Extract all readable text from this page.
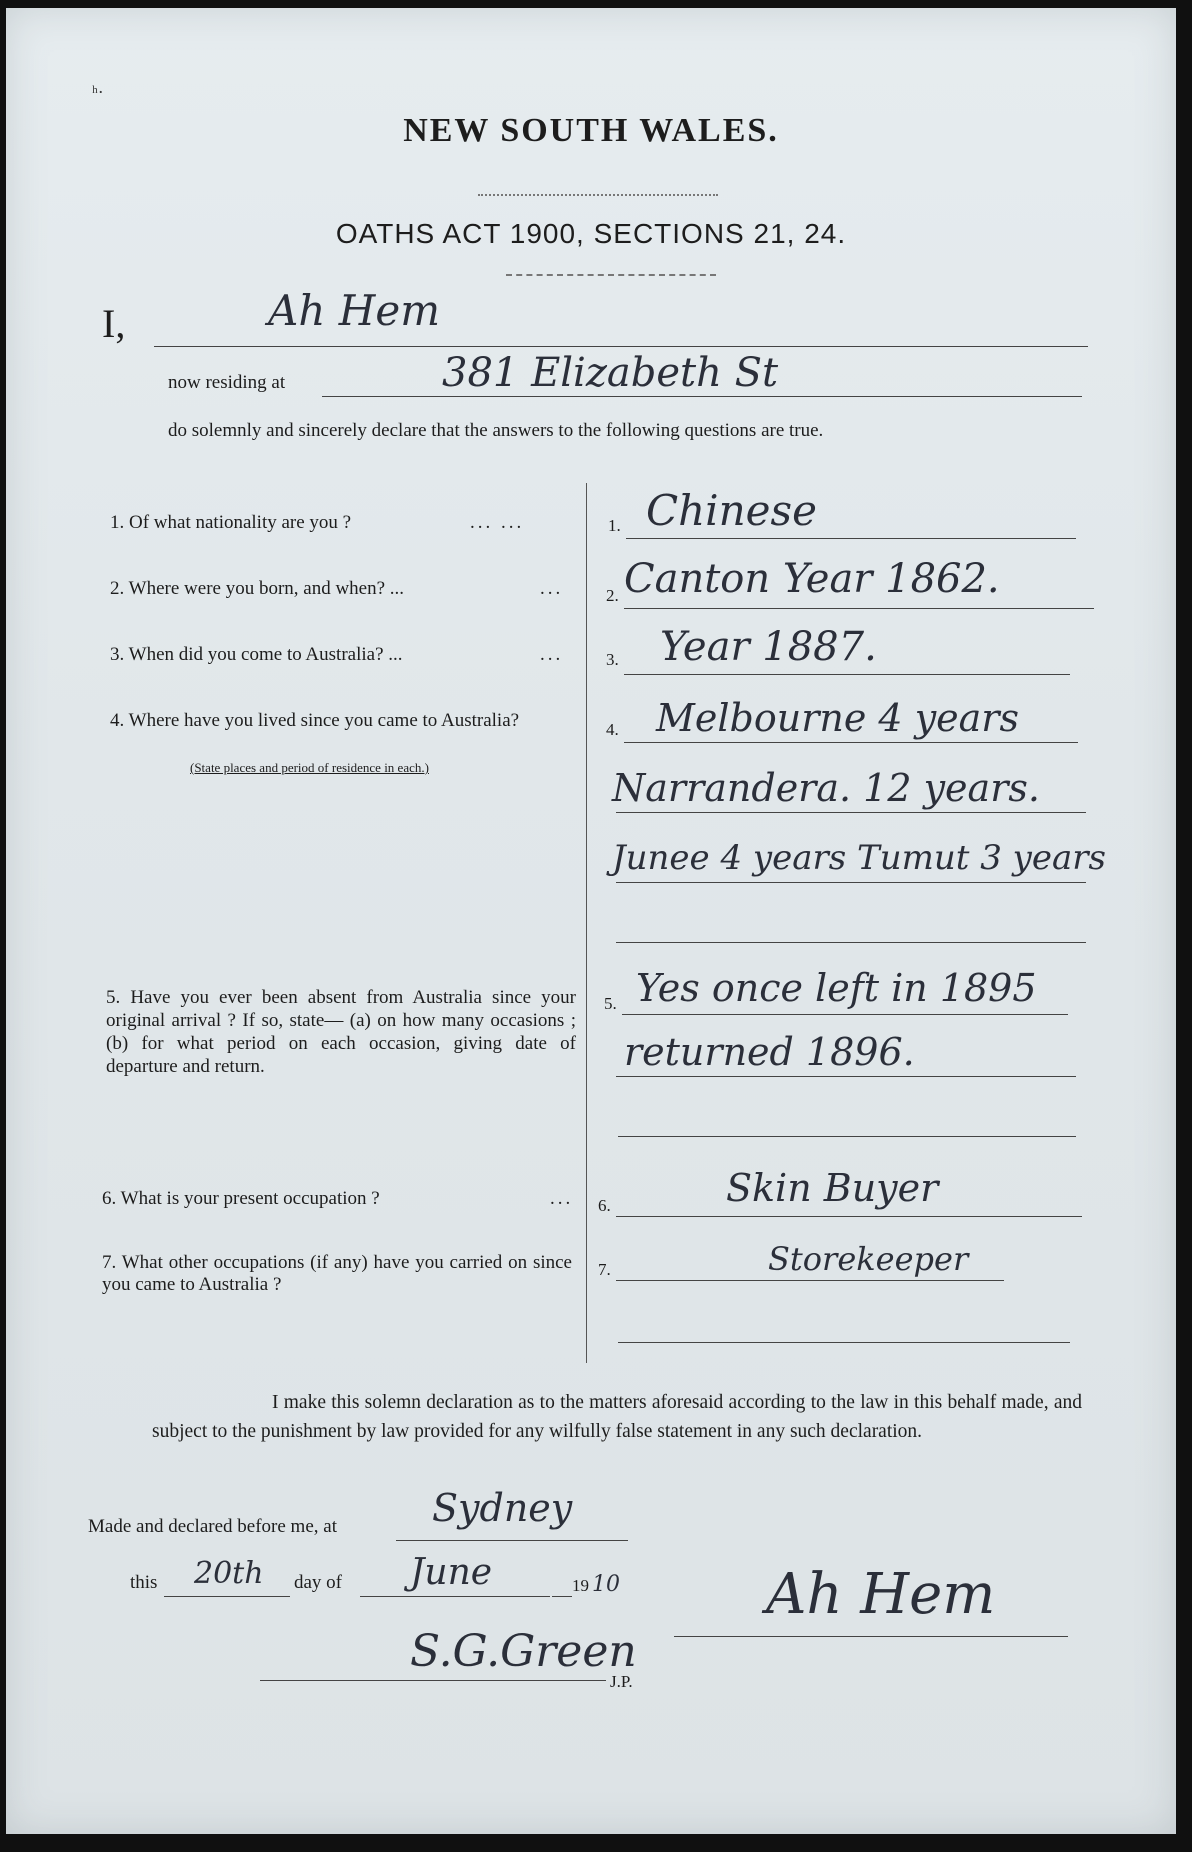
ʰ·
NEW SOUTH WALES.
OATHS ACT 1900, SECTIONS 21, 24.
I,	Ah Hem
now residing at	381 Elizabeth St
do solemnly and sincerely declare that the answers to the following questions are true.
1. Of what nationality are you ?	... ...	1. Chinese
2. Where were you born, and when? ...	...	2. Canton Year 1862.
3. When did you come to Australia? ...	...	3. Year 1887.
4. Where have you lived since you came to Australia?
(State places and period of residence in each.)
4. Melbourne 4 years
Narrandera. 12 years.
Junee 4 years Tumut 3 years
5. Have you ever been absent from Australia since your original arrival ? If so, state— (a) on how many occasions ; (b) for what period on each occasion, giving date of departure and return.
5. Yes once left in 1895
returned 1896.
6. What is your present occupation ?	... 6.	Skin Buyer
7. What other occupations (if any) have you carried on since you came to Australia ?
7.	Storekeeper
I make this solemn declaration as to the matters aforesaid according to the law in this behalf made, and subject to the punishment by law provided for any wilfully false statement in any such declaration.
Made and declared before me, at	Sydney
this 20th day of June	19 10	Ah Hem
S.G.Green
J.P.
